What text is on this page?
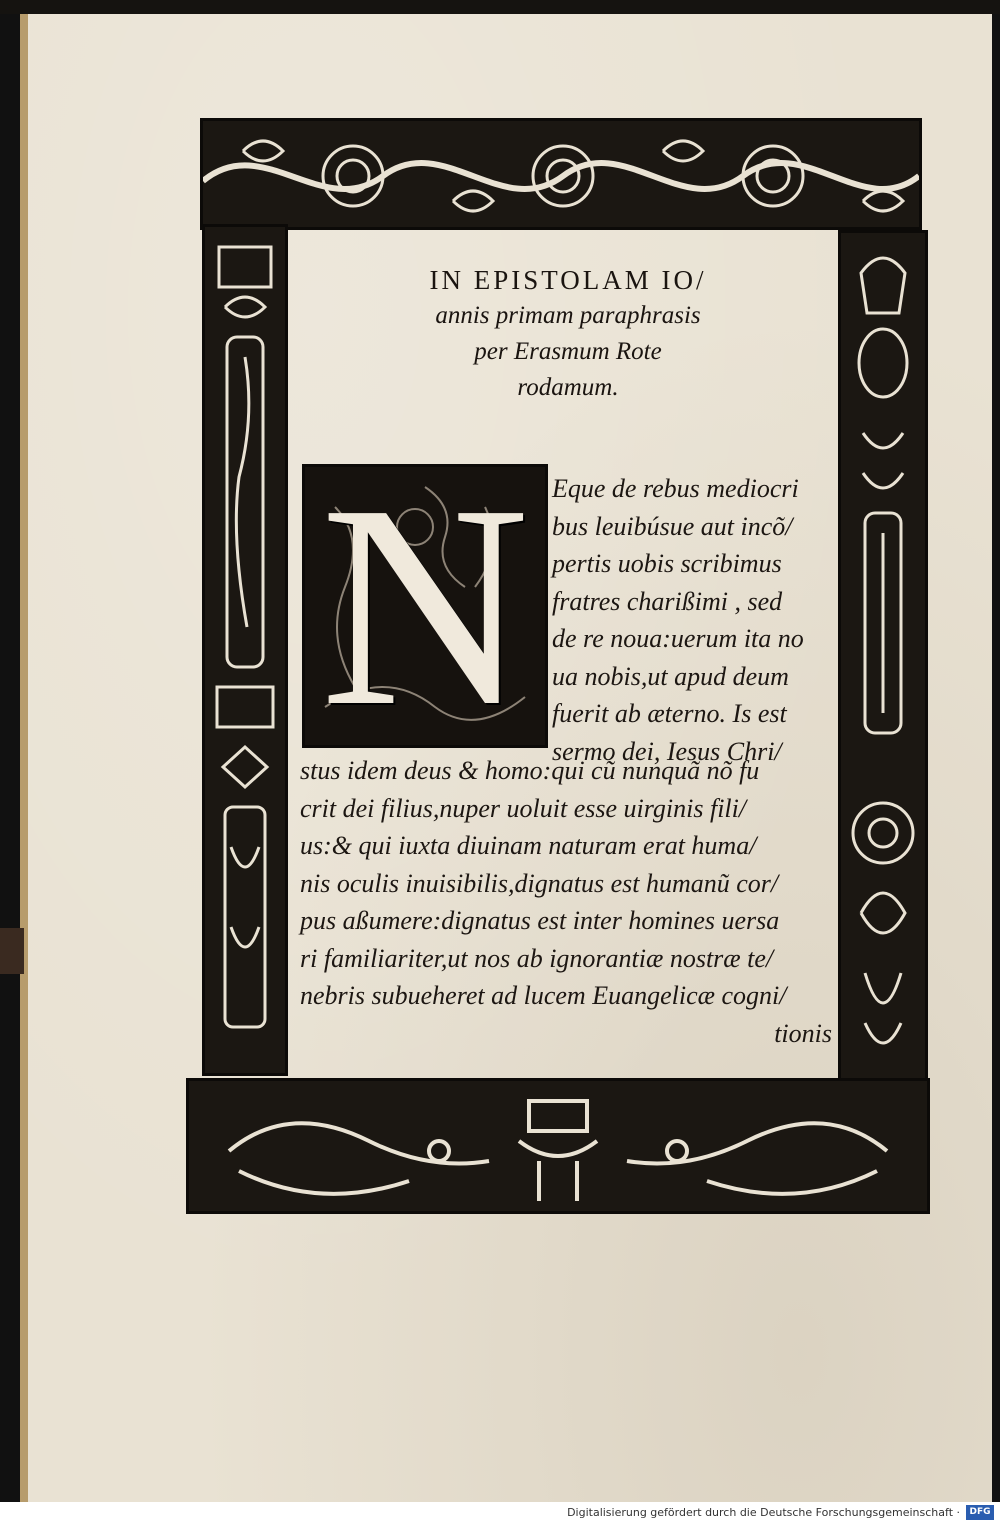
IN EPISTOLAM IO/
annis primam paraphrasis
per Erasmum Rote
rodamum.
N Eque de rebus mediocri
bus leuibúsue aut incõ/
pertis uobis scribimus
fratres charißimi , sed
de re noua:uerum ita no
ua nobis,ut apud deum
fuerit ab æterno. Is est
sermo dei, Iesus Chri/
stus idem deus & homo:qui cũ nunquã nõ fu
crit dei filius,nuper uoluit esse uirginis fili/
us:& qui iuxta diuinam naturam erat huma/
nis oculis inuisibilis,dignatus est humanũ cor/
pus aßumere:dignatus est inter homines uersa
ri familiariter,ut nos ab ignorantiæ nostræ te/
nebris subueheret ad lucem Euangelicæ cogni/
tionis
Digitalisierung gefördert durch die Deutsche Forschungsgemeinschaft ·	DFG
